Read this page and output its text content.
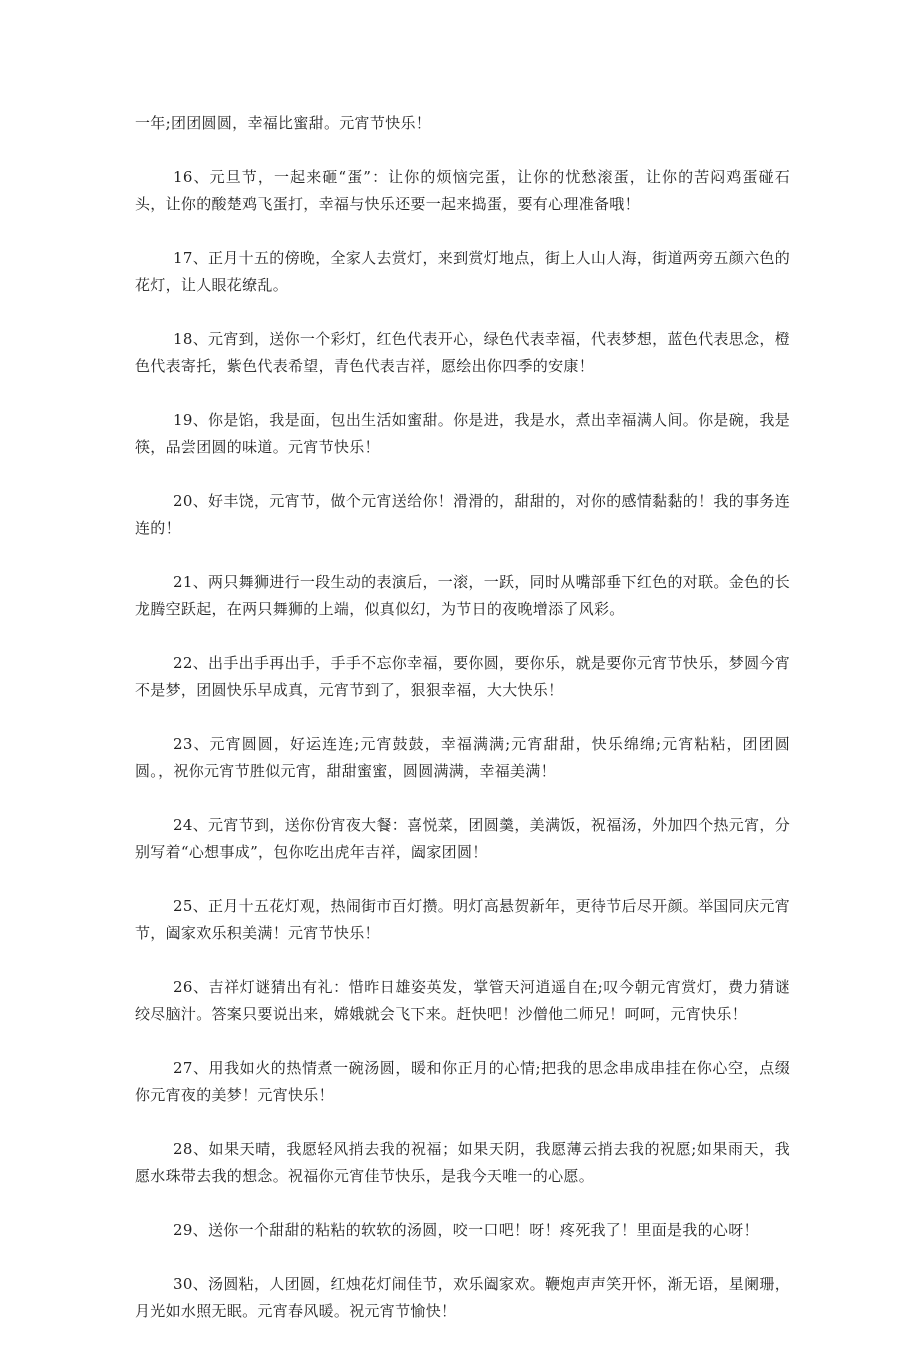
一年;团团圆圆，幸福比蜜甜。元宵节快乐！

16、元旦节，一起来砸“蛋”：让你的烦恼完蛋，让你的忧愁滚蛋，让你的苦闷鸡蛋碰石头，让你的酸楚鸡飞蛋打，幸福与快乐还要一起来捣蛋，要有心理准备哦！

17、正月十五的傍晚，全家人去赏灯，来到赏灯地点，街上人山人海，街道两旁五颜六色的花灯，让人眼花缭乱。

18、元宵到，送你一个彩灯，红色代表开心，绿色代表幸福，代表梦想，蓝色代表思念，橙色代表寄托，紫色代表希望，青色代表吉祥，愿绘出你四季的安康！

19、你是馅，我是面，包出生活如蜜甜。你是进，我是水，煮出幸福满人间。你是碗，我是筷，品尝团圆的味道。元宵节快乐！

20、好丰饶，元宵节，做个元宵送给你！滑滑的，甜甜的，对你的感情黏黏的！我的事务连连的！

21、两只舞狮进行一段生动的表演后，一滚，一跃，同时从嘴部垂下红色的对联。金色的长龙腾空跃起，在两只舞狮的上端，似真似幻，为节日的夜晚增添了风彩。

22、出手出手再出手，手手不忘你幸福，要你圆，要你乐，就是要你元宵节快乐，梦圆今宵不是梦，团圆快乐早成真，元宵节到了，狠狠幸福，大大快乐！

23、元宵圆圆，好运连连;元宵鼓鼓，幸福满满;元宵甜甜，快乐绵绵;元宵粘粘，团团圆圆。，祝你元宵节胜似元宵，甜甜蜜蜜，圆圆满满，幸福美满！

24、元宵节到，送你份宵夜大餐：喜悦菜，团圆羹，美满饭，祝福汤，外加四个热元宵，分别写着“心想事成”，包你吃出虎年吉祥，阖家团圆！

25、正月十五花灯观，热闹街市百灯攒。明灯高悬贺新年，更待节后尽开颜。举国同庆元宵节，阖家欢乐积美满！元宵节快乐！

26、吉祥灯谜猜出有礼：惜昨日雄姿英发，掌管天河逍遥自在;叹今朝元宵赏灯，费力猜谜绞尽脑汁。答案只要说出来，嫦娥就会飞下来。赶快吧！沙僧他二师兄！呵呵，元宵快乐！

27、用我如火的热情煮一碗汤圆，暖和你正月的心情;把我的思念串成串挂在你心空，点缀你元宵夜的美梦！元宵快乐！

28、如果天晴，我愿轻风捎去我的祝福；如果天阴，我愿薄云捎去我的祝愿;如果雨天，我愿水珠带去我的想念。祝福你元宵佳节快乐，是我今天唯一的心愿。

29、送你一个甜甜的粘粘的软软的汤圆，咬一口吧！呀！疼死我了！里面是我的心呀！

30、汤圆粘，人团圆，红烛花灯闹佳节，欢乐阖家欢。鞭炮声声笑开怀，渐无语，星阑珊，月光如水照无眠。元宵春风暖。祝元宵节愉快！
